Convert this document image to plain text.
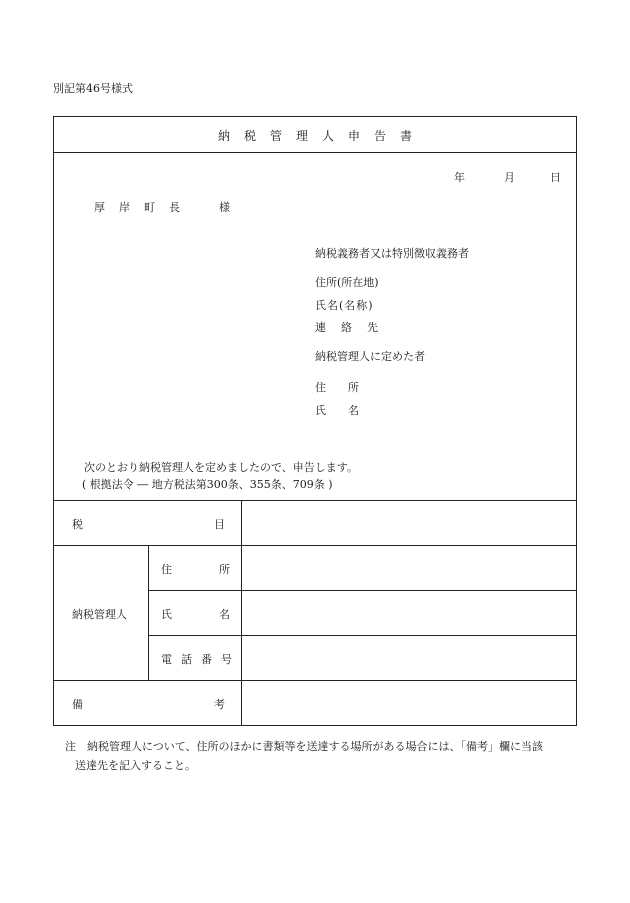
別記第46号様式
納税管理人申告書
年	月	日
厚岸町長　様
納税義務者又は特別徴収義務者
住所(所在地)
氏名(名称)
連絡先
納税管理人に定めた者
住所
氏名
次のとおり納税管理人を定めましたので、申告します。
( 根拠法令 ― 地方税法第300条、355条、709条 )
税	目
納税管理人
住	所
氏	名
電話番号
備	考
注　納税管理人について、住所のほかに書類等を送達する場所がある場合には、「備考」欄に当該
送達先を記入すること。
